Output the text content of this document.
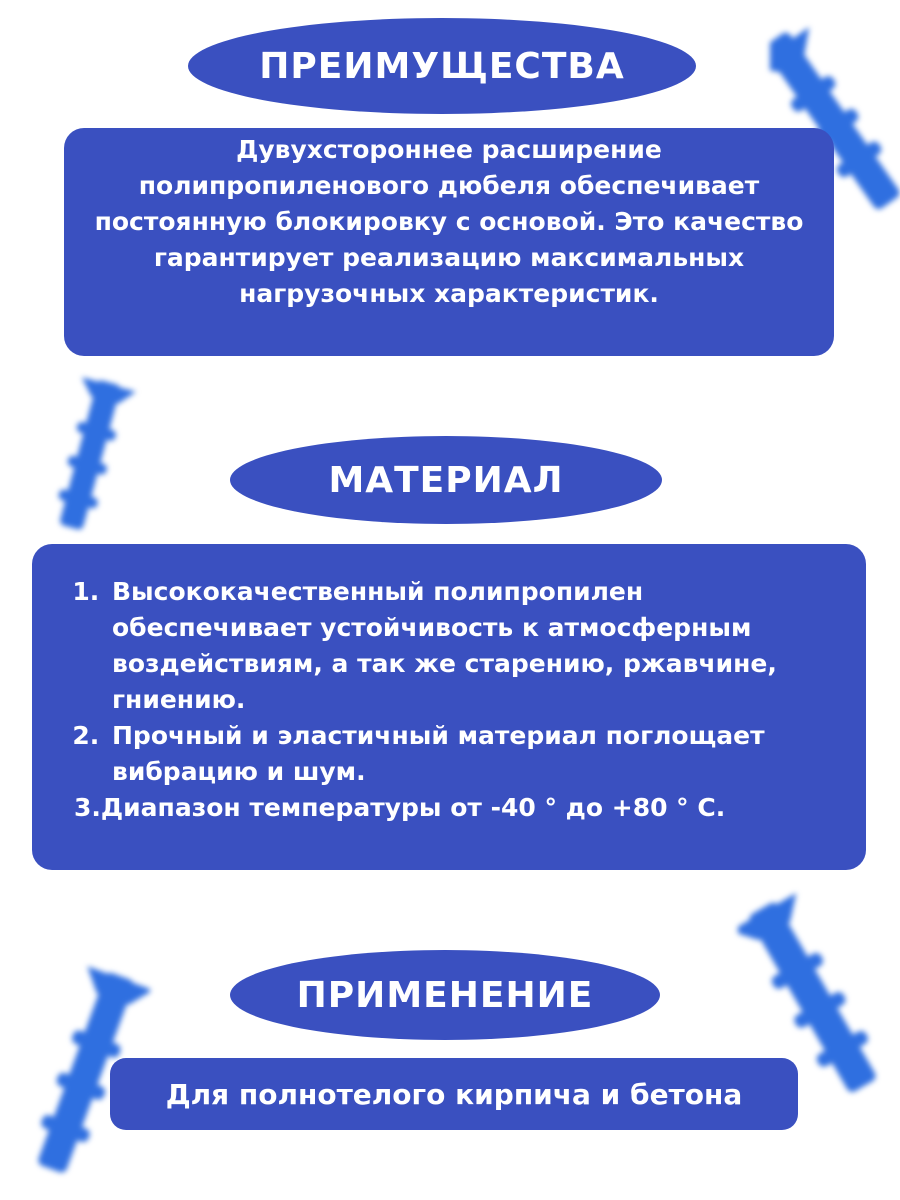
ПРЕИМУЩЕСТВА

Дувухстороннее расширение полипропиленового дюбеля обеспечивает постоянную блокировку с основой. Это качество гарантирует реализацию максимальных нагрузочных характеристик.

МАТЕРИАЛ
1. Высококачественный полипропилен обеспечивает устойчивость к атмосферным воздействиям, а так же старению, ржавчине, гниению.
2. Прочный и эластичный материал поглощает вибрацию и шум.
3.Диапазон температуры от -40 ° до +80 ° С.
ПРИМЕНЕНИЕ
Для полнотелого кирпича и бетона
